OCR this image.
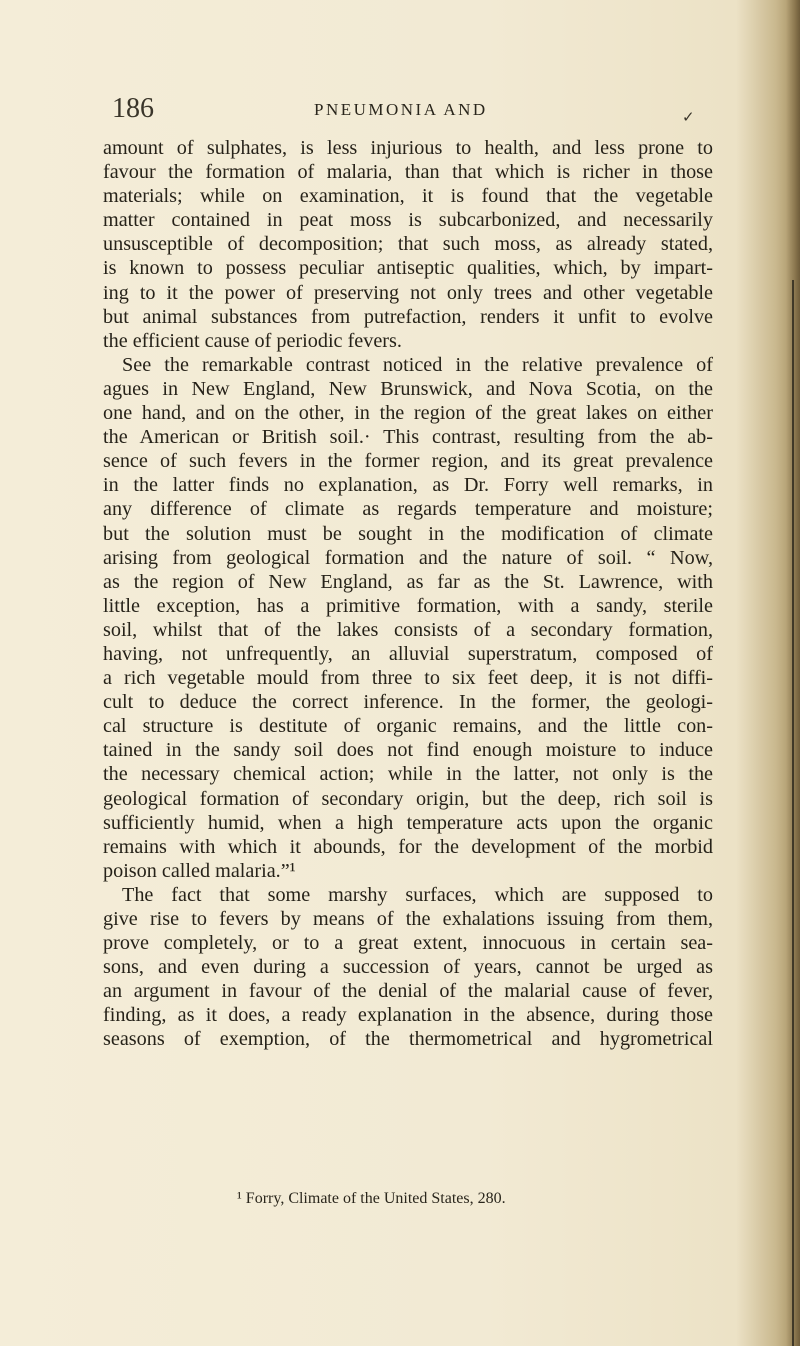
186	PNEUMONIA AND	✓
amount of sulphates, is less injurious to health, and less prone to
favour the formation of malaria, than that which is richer in those
materials; while on examination, it is found that the vegetable
matter contained in peat moss is subcarbonized, and necessarily
unsusceptible of decomposition; that such moss, as already stated,
is known to possess peculiar antiseptic qualities, which, by impart-
ing to it the power of preserving not only trees and other vegetable
but animal substances from putrefaction, renders it unfit to evolve
the efficient cause of periodic fevers.
See the remarkable contrast noticed in the relative prevalence of
agues in New England, New Brunswick, and Nova Scotia, on the
one hand, and on the other, in the region of the great lakes on either
the American or British soil.· This contrast, resulting from the ab-
sence of such fevers in the former region, and its great prevalence
in the latter finds no explanation, as Dr. Forry well remarks, in
any difference of climate as regards temperature and moisture;
but the solution must be sought in the modification of climate
arising from geological formation and the nature of soil. “ Now,
as the region of New England, as far as the St. Lawrence, with
little exception, has a primitive formation, with a sandy, sterile
soil, whilst that of the lakes consists of a secondary formation,
having, not unfrequently, an alluvial superstratum, composed of
a rich vegetable mould from three to six feet deep, it is not diffi-
cult to deduce the correct inference. In the former, the geologi-
cal structure is destitute of organic remains, and the little con-
tained in the sandy soil does not find enough moisture to induce
the necessary chemical action; while in the latter, not only is the
geological formation of secondary origin, but the deep, rich soil is
sufficiently humid, when a high temperature acts upon the organic
remains with which it abounds, for the development of the morbid
poison called malaria.”¹
The fact that some marshy surfaces, which are supposed to
give rise to fevers by means of the exhalations issuing from them,
prove completely, or to a great extent, innocuous in certain sea-
sons, and even during a succession of years, cannot be urged as
an argument in favour of the denial of the malarial cause of fever,
finding, as it does, a ready explanation in the absence, during those
seasons of exemption, of the thermometrical and hygrometrical
¹ Forry, Climate of the United States, 280.
